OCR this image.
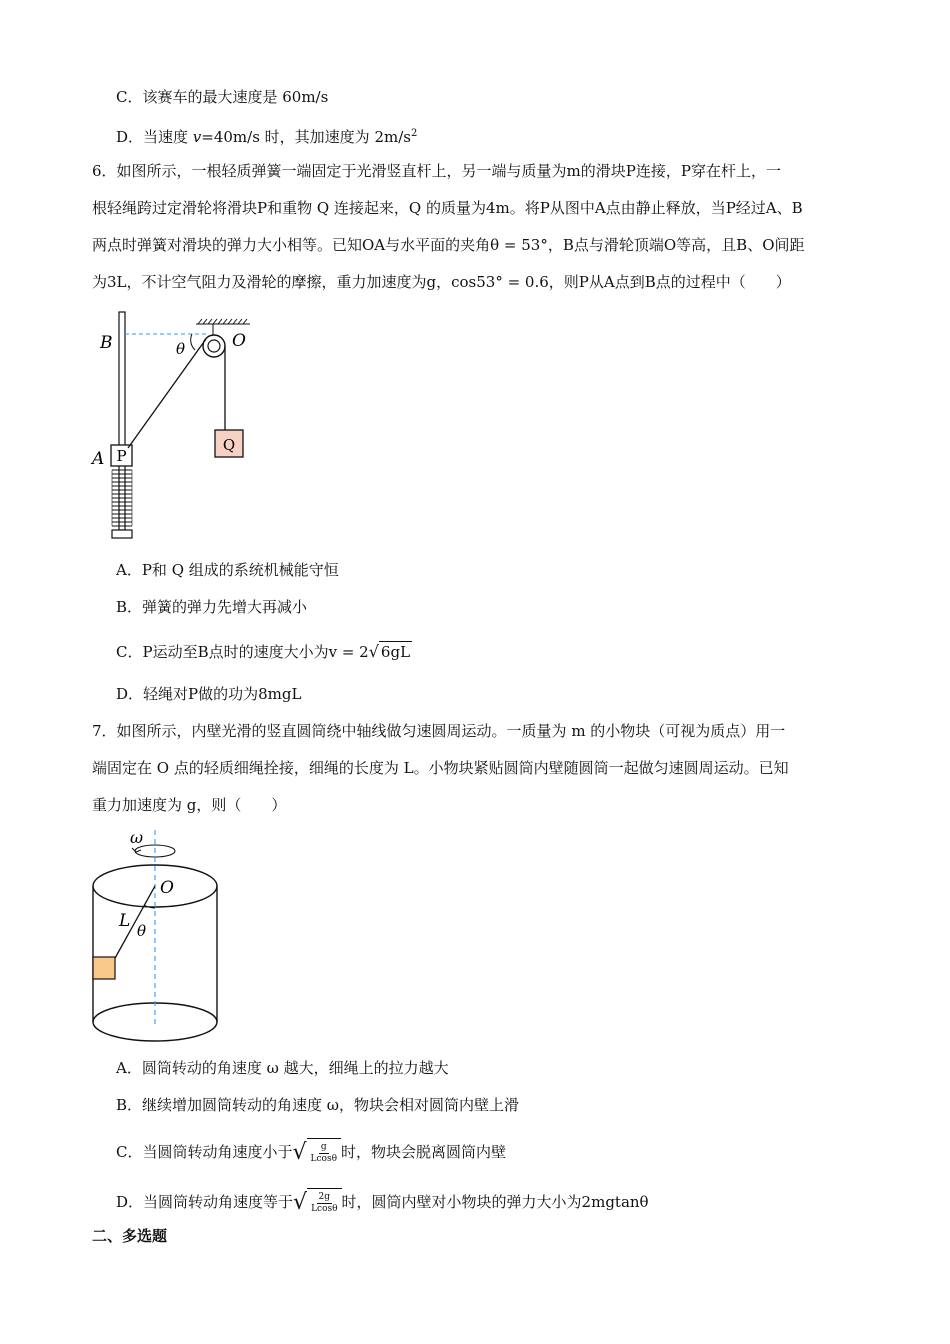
C．该赛车的最大速度是 60m/s
D．当速度 v=40m/s 时，其加速度为 $2m/s^2$
6．如图所示，一根轻质弹簧一端固定于光滑竖直杆上，另一端与质量为m的滑块P连接，P穿在杆上，一
根轻绳跨过定滑轮将滑块P和重物 Q 连接起来，Q 的质量为4m。将P从图中A点由静止释放，当P经过A、B
两点时弹簧对滑块的弹力大小相等。已知OA与水平面的夹角θ = 53°，B点与滑轮顶端O等高，且B、O间距
为3L，不计空气阻力及滑轮的摩擦，重力加速度为g，cos53° = 0.6，则P从A点到B点的过程中（　　）
P
Q
B
A
O
θ
A．P和 Q 组成的系统机械能守恒
B．弹簧的弹力先增大再减小
C．P运动至B点时的速度大小为v = 2√ 6gL
D．轻绳对P做的功为8mgL
7．如图所示，内壁光滑的竖直圆筒绕中轴线做匀速圆周运动。一质量为 m 的小物块（可视为质点）用一
端固定在 O 点的轻质细绳拴接，细绳的长度为 L。小物块紧贴圆筒内壁随圆筒一起做匀速圆周运动。已知
重力加速度为 g，则（　　）
ω
O
L θ
A．圆筒转动的角速度 ω 越大，细绳上的拉力越大
B．继续增加圆筒转动的角速度 ω，物块会相对圆筒内壁上滑
C．当圆筒转动角速度小于√ $\frac{g}{Lcos\theta}$ 时，物块会脱离圆筒内壁
D．当圆筒转动角速度等于√ $\frac{2g}{Lcos\theta}$ 时，圆筒内壁对小物块的弹力大小为2mgtanθ
二、多选题
